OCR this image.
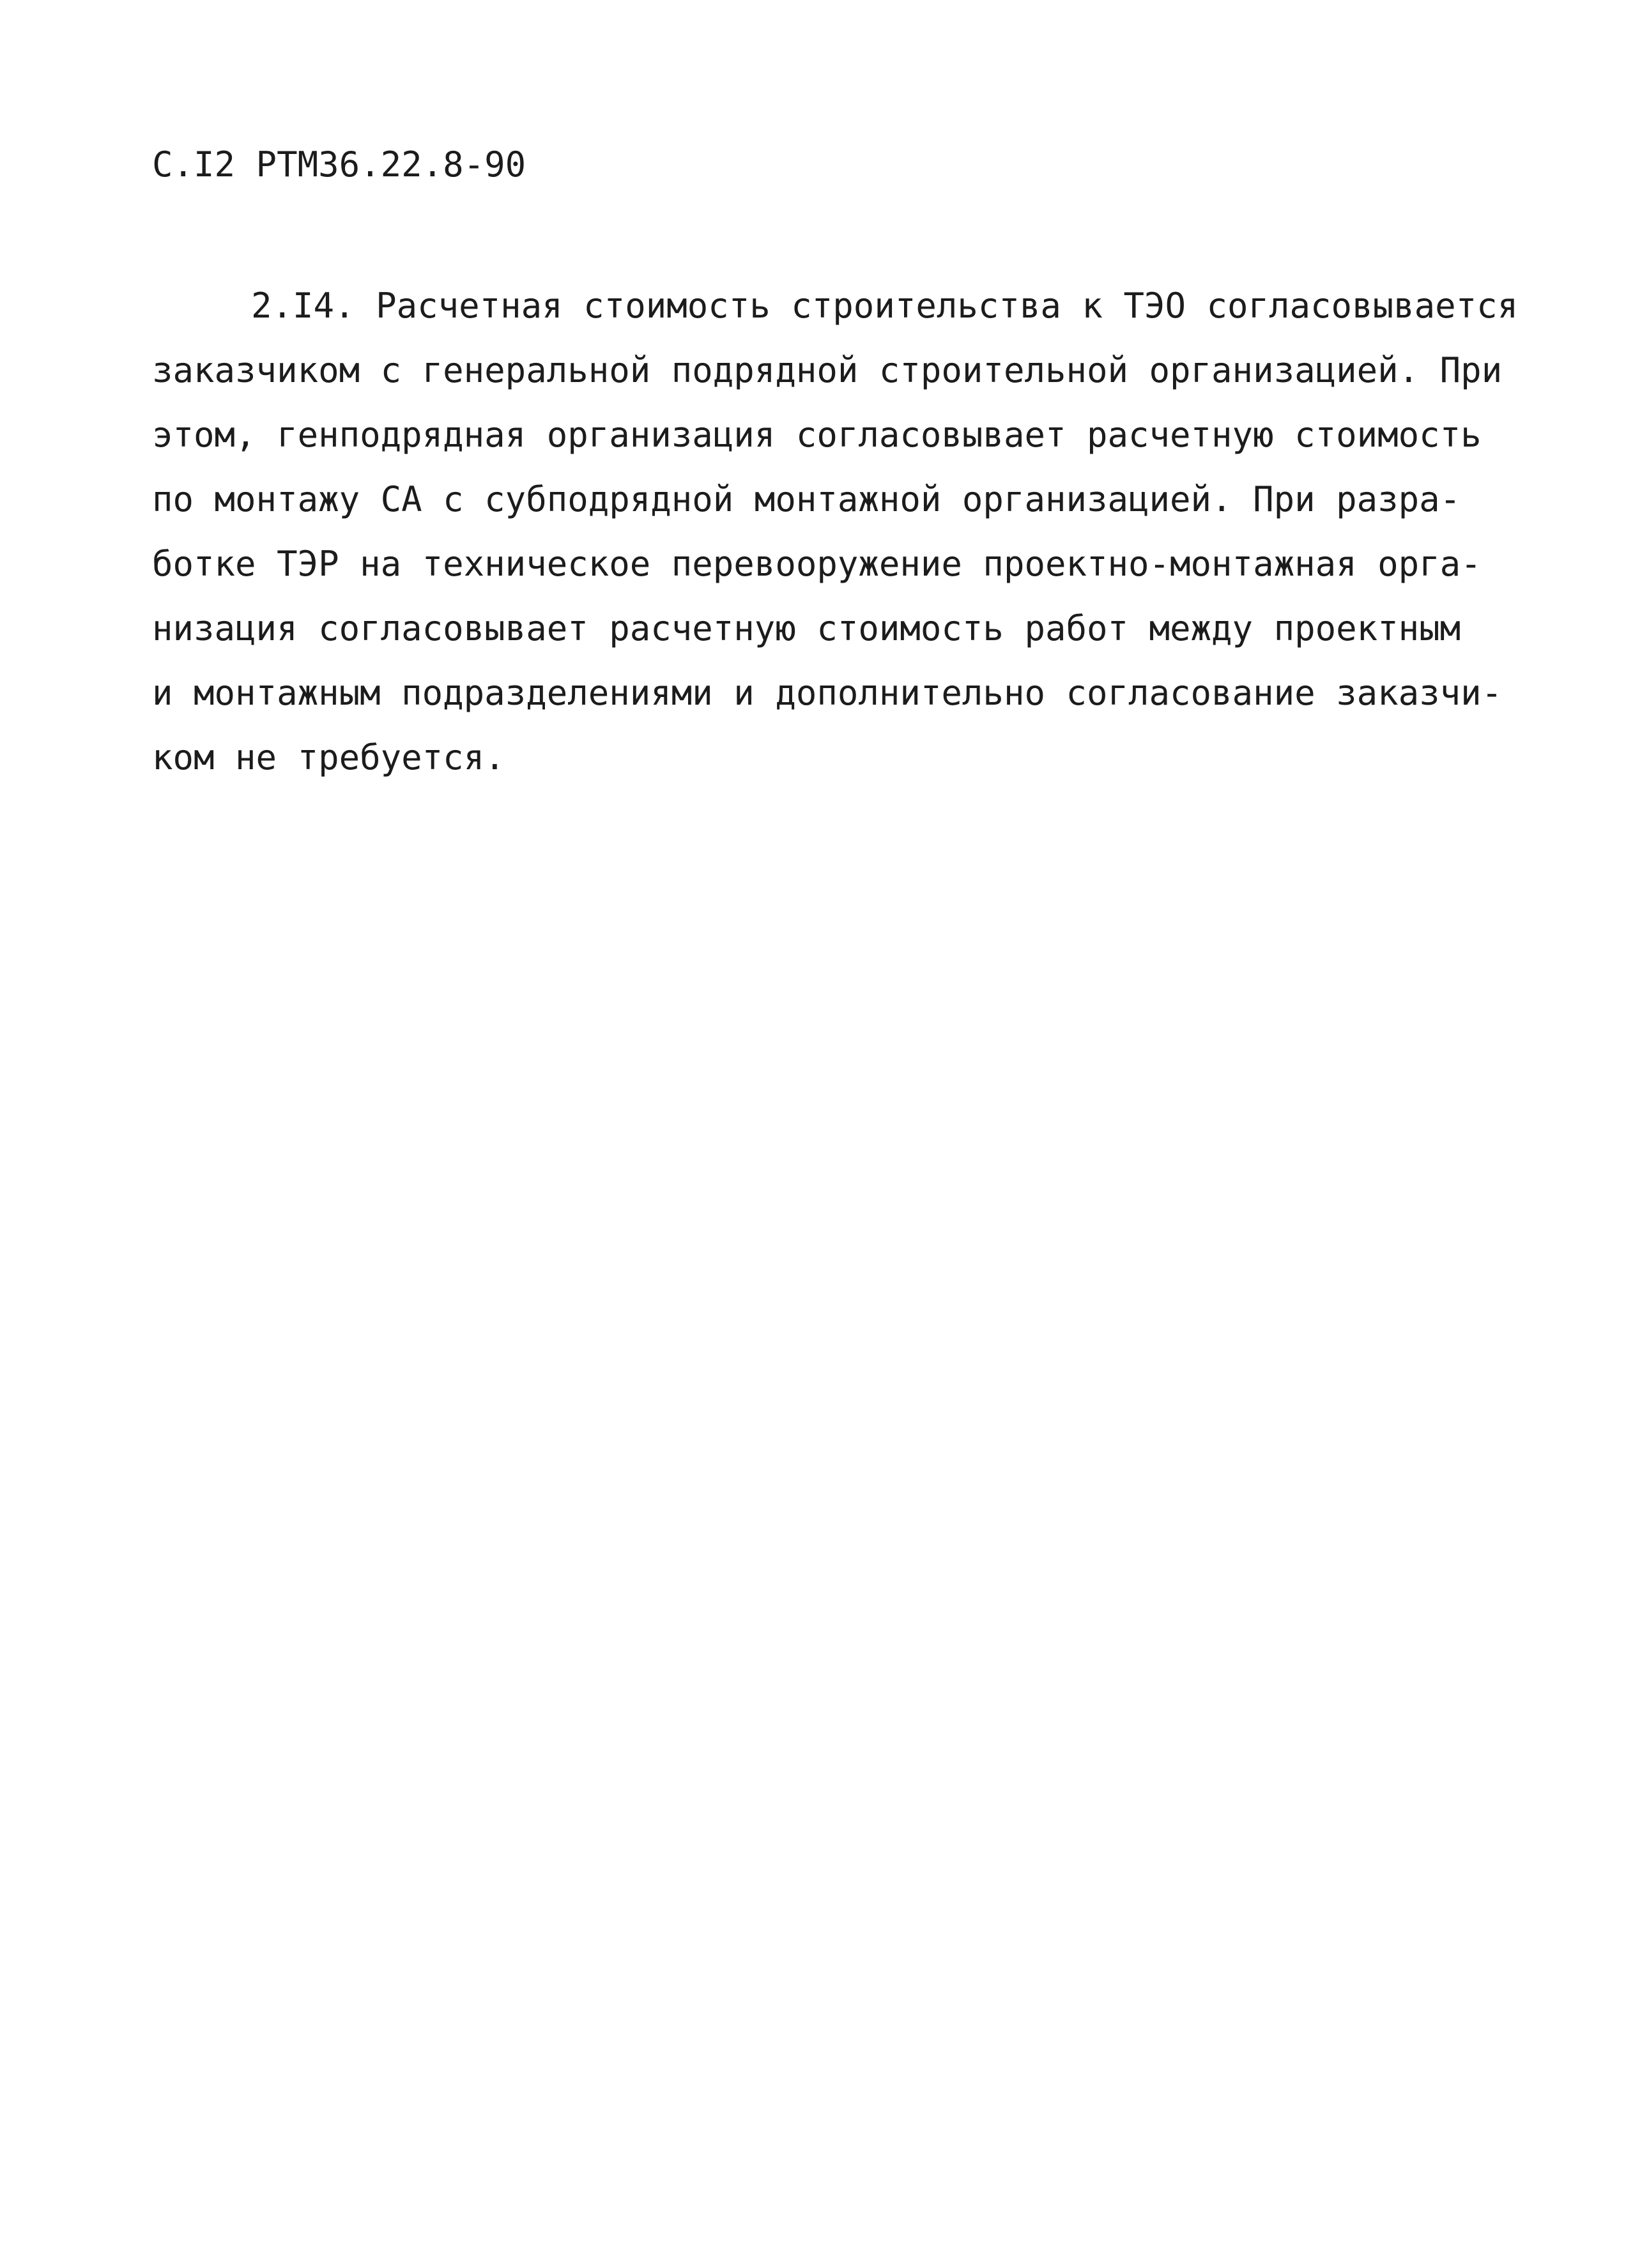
С.I2 РТМ36.22.8-90
2.I4. Расчетная стоимость строительства к ТЭО согласовывается
заказчиком с генеральной подрядной строительной организацией. При
этом, генподрядная организация согласовывает расчетную стоимость
по монтажу СА с субподрядной монтажной организацией. При разра-
ботке ТЭР на техническое перевооружение проектно-монтажная орга-
низация согласовывает расчетную стоимость работ между проектным
и монтажным подразделениями и дополнительно согласование заказчи-
ком не требуется.
